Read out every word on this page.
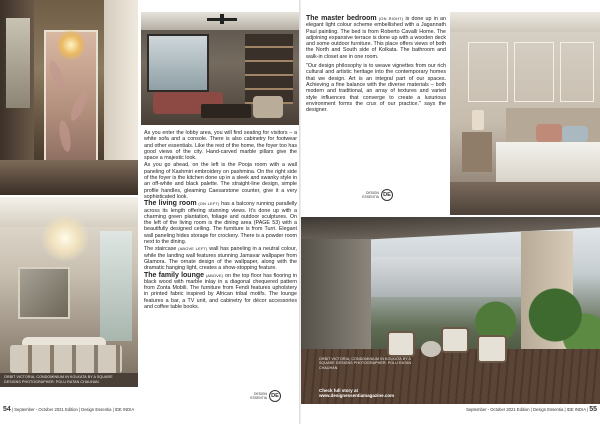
ORBIT VICTORIA, CONDOMINIUM IN KOLKATA BY A SQUARE DESIGNS PHOTOGRAPHER: POLU RATAN CHAUHAN

As you enter the lobby area, you will find seating for visitors – a white sofa and a console. There is also cabinetry for footwear and other essentials. Like the rest of the home, the foyer too has good views of the city. Hand-carved marble pillars give the space a majestic look.

As you go ahead, on the left is the Pooja room with a wall paneling of Kashmiri embroidery on pashmina. On the right side of the foyer is the kitchen done up in a sleek and swanky style in an off-white and black palette. The straight-line design, simple profile handles, gleaming Caesarstone counter, give it a very sophisticated look.

The living room (ON LEFT) has a balcony running parallelly across its length offering stunning views. It's done up with a charming green plantation, foliage and outdoor sculptures. On the left of the living room is the dining area (PAGE 53) with a beautifully designed ceiling. The furniture is from Turri. Elegant wall paneling hides storage for crockery. There is a powder room next to the dining.

The staircase (ABOVE LEFT) wall has paneling in a neutral colour, while the landing wall features stunning Jamavar wallpaper from Glamora. The ornate design of the wallpaper, along with the dramatic hanging light, creates a show-stopping feature.

The family lounge (ABOVE) on the top floor has flooring in black wood with marble inlay in a diagonal chequered pattern from Zonta Mobili. The furniture from Fendi features upholstery in printed fabric inspired by African tribal motifs. The lounge features a bar, a TV unit, and cabinetry for décor accessories and coffee table books.

DESIGN ESSENTIA DE
54 | September - October 2021 Edition | Design Essentia | IDE INDIA

The master bedroom (ON RIGHT) is done up in an elegant light colour scheme embellished with a Jagannath Paul painting. The bed is from Roberto Cavalli Home. The adjoining expansive terrace is done up with a wooden deck and some outdoor furniture. This place offers views of both the North and South side of Kolkata. The bathroom and walk-in closet are in one room.

"Our design philosophy is to weave vignettes from our rich cultural and artistic heritage into the contemporary homes that we design. Art is an integral part of our spaces. Achieving a fine balance with the diverse materials – both modern and traditional, an array of textures and varied style influences that converge to create a luxurious environment forms the crux of our practice." says the designer.

DESIGN ESSENTIA DE
ORBIT VICTORIA, CONDOMINIUM IN KOLKATA BY A SQUARE DESIGNS PHOTOGRAPHER: POLU RATAN CHAUHAN
Check full story at
www.designessentiamagazine.com
September - October 2021 Edition | Design Essentia | IDE INDIA | 55
